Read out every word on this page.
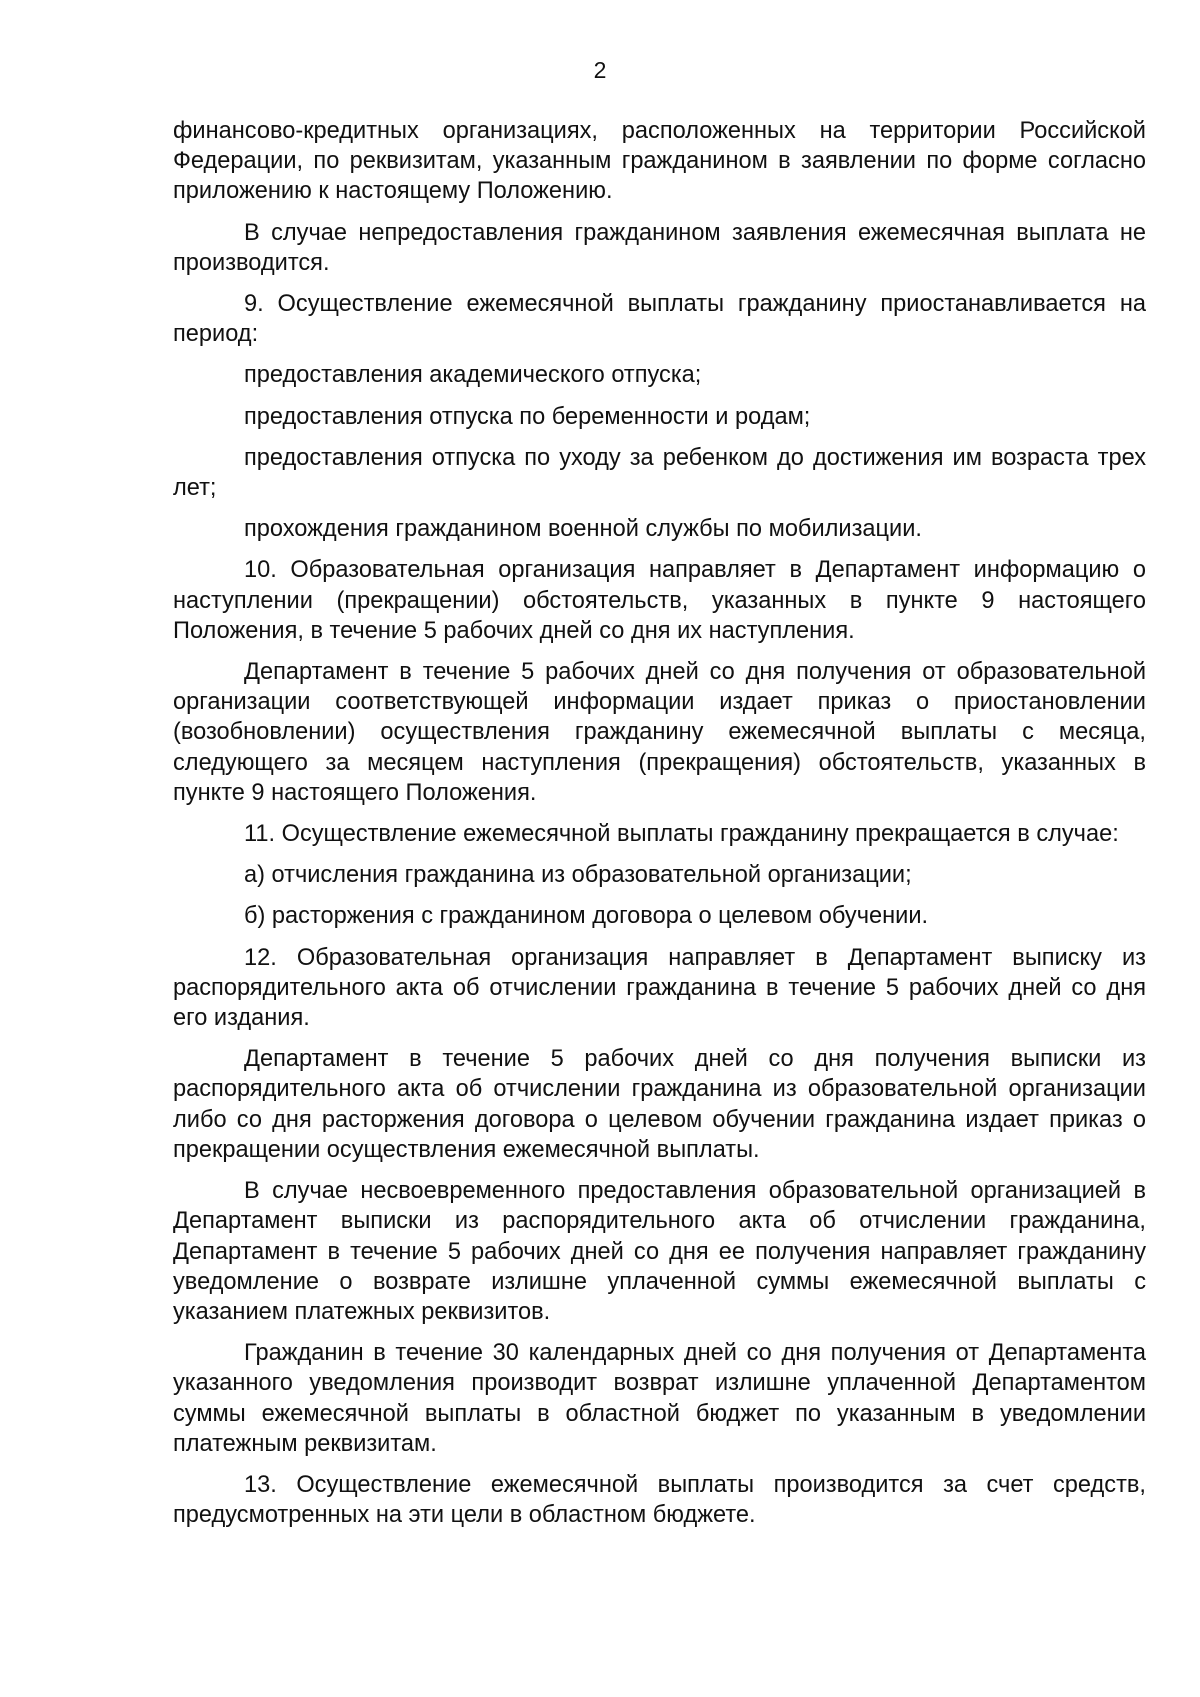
2

финансово-кредитных организациях, расположенных на территории Российской Федерации, по реквизитам, указанным гражданином в заявлении по форме согласно приложению к настоящему Положению.

В случае непредоставления гражданином заявления ежемесячная выплата не производится.

9. Осуществление ежемесячной выплаты гражданину приостанавливается на период:

предоставления академического отпуска;

предоставления отпуска по беременности и родам;

предоставления отпуска по уходу за ребенком до достижения им возраста трех лет;

прохождения гражданином военной службы по мобилизации.

10. Образовательная организация направляет в Департамент информацию о наступлении (прекращении) обстоятельств, указанных в пункте 9 настоящего Положения, в течение 5 рабочих дней со дня их наступления.

Департамент в течение 5 рабочих дней со дня получения от образовательной организации соответствующей информации издает приказ о приостановлении (возобновлении) осуществления гражданину ежемесячной выплаты с месяца, следующего за месяцем наступления (прекращения) обстоятельств, указанных в пункте 9 настоящего Положения.

11. Осуществление ежемесячной выплаты гражданину прекращается в случае:

а) отчисления гражданина из образовательной организации;

б) расторжения с гражданином договора о целевом обучении.

12. Образовательная организация направляет в Департамент выписку из распорядительного акта об отчислении гражданина в течение 5 рабочих дней со дня его издания.

Департамент в течение 5 рабочих дней со дня получения выписки из распорядительного акта об отчислении гражданина из образовательной организации либо со дня расторжения договора о целевом обучении гражданина издает приказ о прекращении осуществления ежемесячной выплаты.

В случае несвоевременного предоставления образовательной организацией в Департамент выписки из распорядительного акта об отчислении гражданина, Департамент в течение 5 рабочих дней со дня ее получения направляет гражданину уведомление о возврате излишне уплаченной суммы ежемесячной выплаты с указанием платежных реквизитов.

Гражданин в течение 30 календарных дней со дня получения от Департамента указанного уведомления производит возврат излишне уплаченной Департаментом суммы ежемесячной выплаты в областной бюджет по указанным в уведомлении платежным реквизитам.

13. Осуществление ежемесячной выплаты производится за счет средств, предусмотренных на эти цели в областном бюджете.
